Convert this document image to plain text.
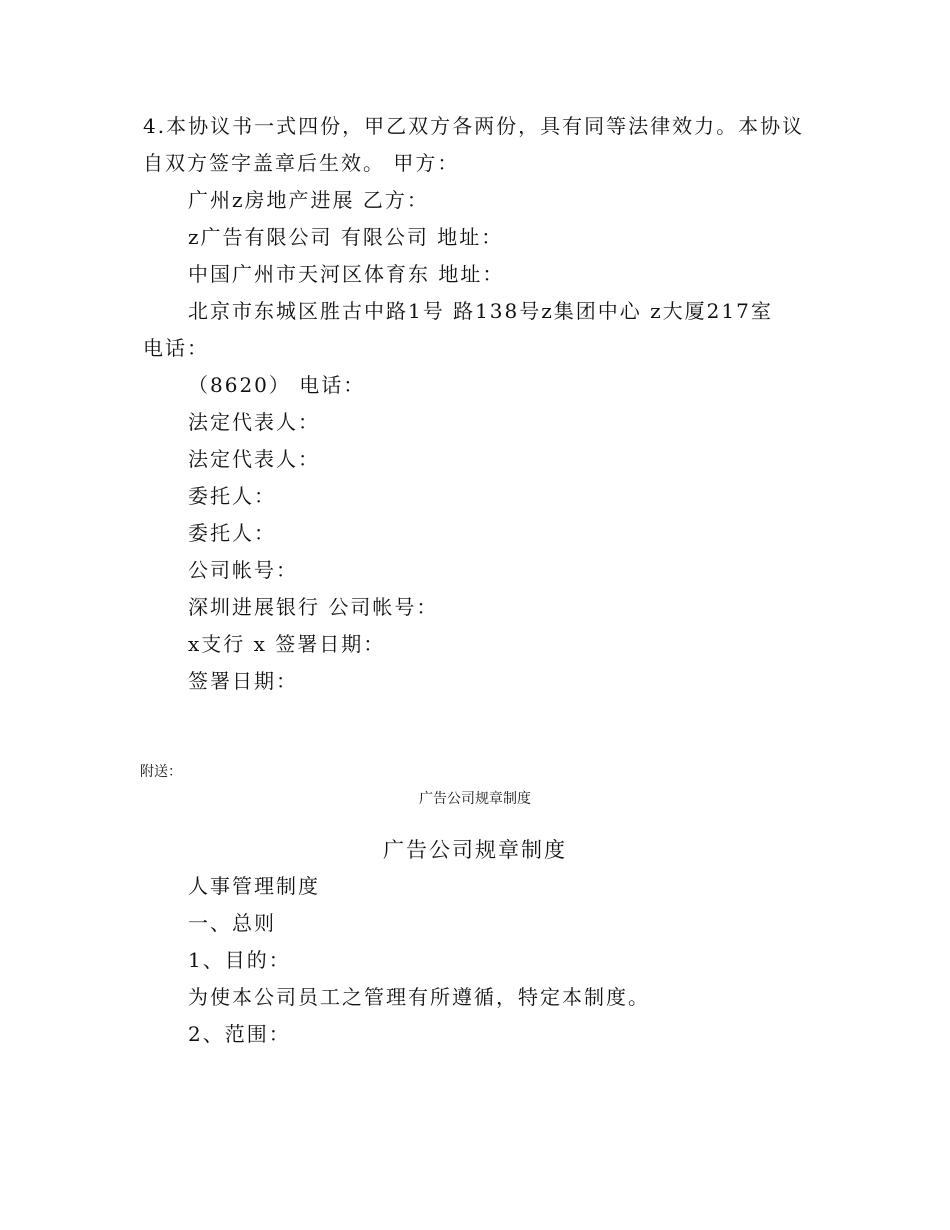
4.本协议书一式四份，甲乙双方各两份，具有同等法律效力。本协议
自双方签字盖章后生效。 甲方：
广州z房地产进展 乙方：
z广告有限公司 有限公司 地址：
中国广州市天河区体育东 地址：
北京市东城区胜古中路1号 路138号z集团中心 z大厦217室
电话：
（8620） 电话：
法定代表人：
法定代表人：
委托人：
委托人：
公司帐号：
深圳进展银行 公司帐号：
x支行 x 签署日期：
签署日期：
附送：
广告公司规章制度
广告公司规章制度
人事管理制度
一、总则
1、目的：
为使本公司员工之管理有所遵循，特定本制度。
2、范围：
